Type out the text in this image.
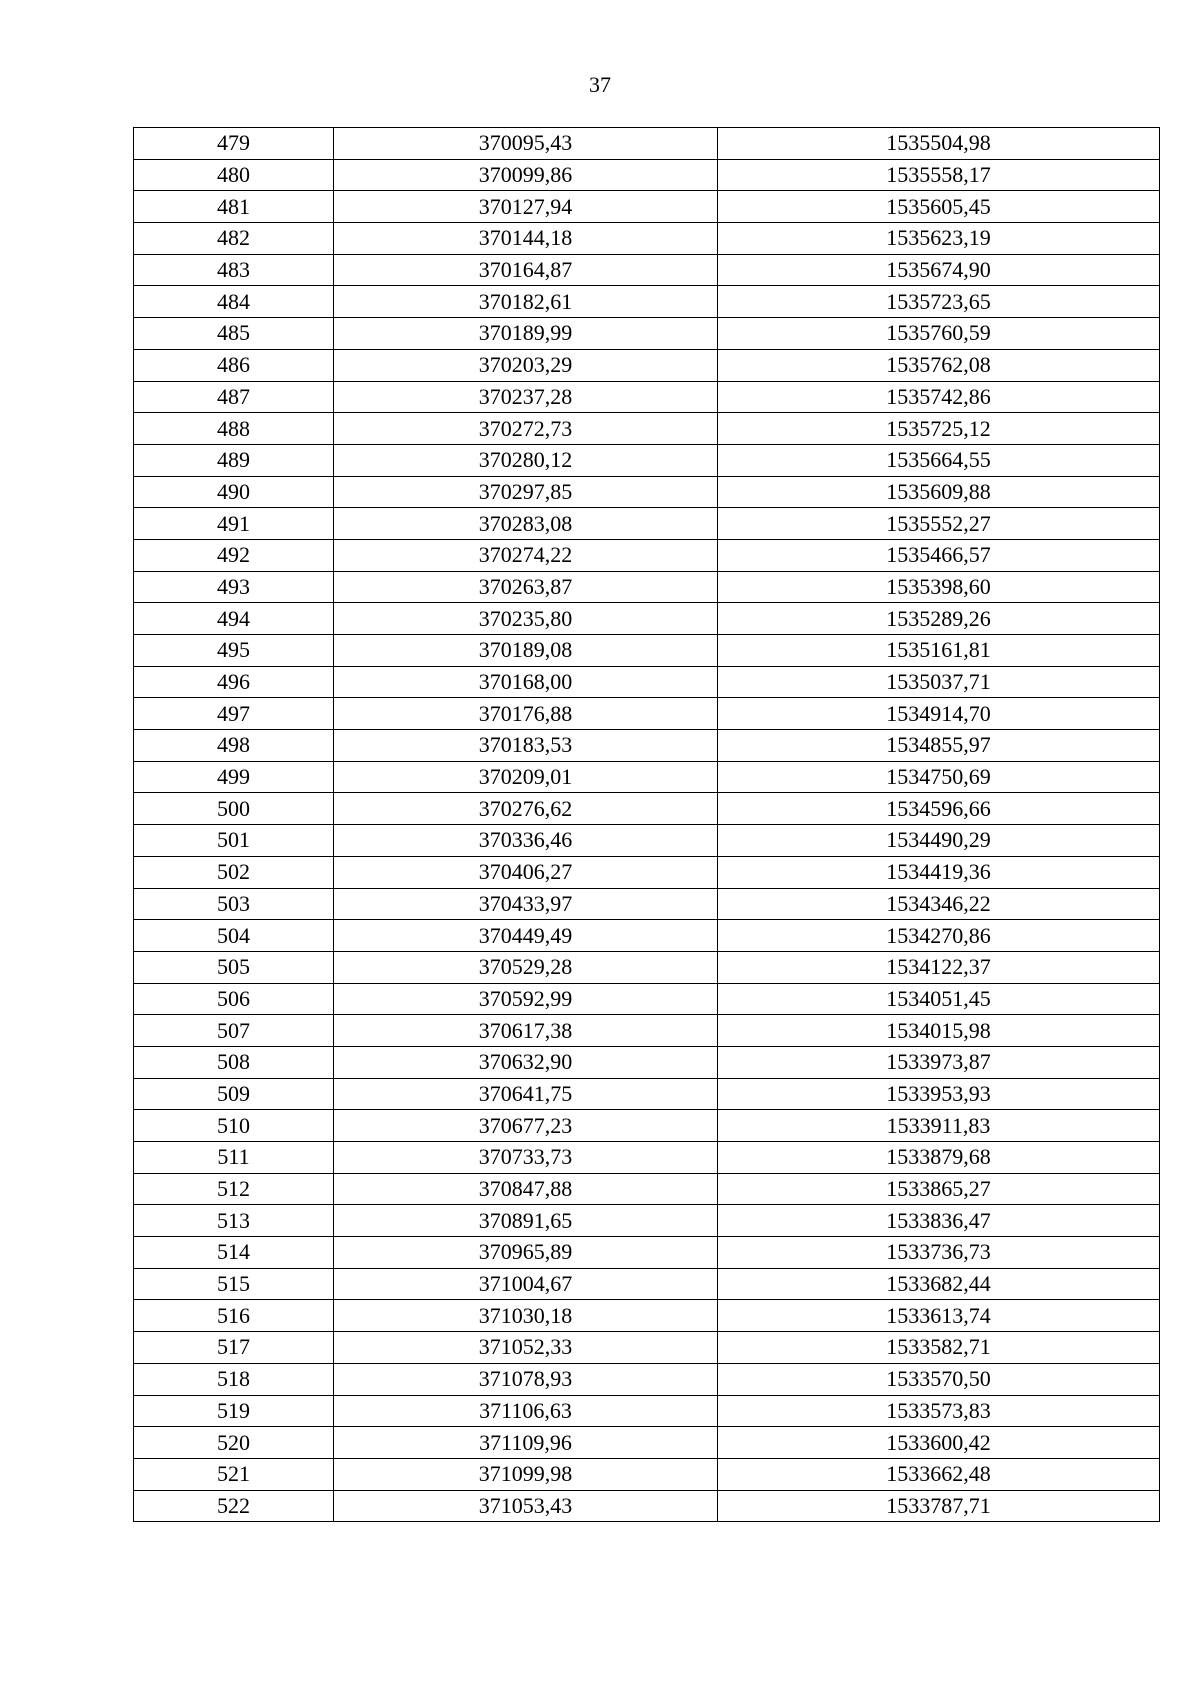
37
479	370095,43	1535504,98
480	370099,86	1535558,17
481	370127,94	1535605,45
482	370144,18	1535623,19
483	370164,87	1535674,90
484	370182,61	1535723,65
485	370189,99	1535760,59
486	370203,29	1535762,08
487	370237,28	1535742,86
488	370272,73	1535725,12
489	370280,12	1535664,55
490	370297,85	1535609,88
491	370283,08	1535552,27
492	370274,22	1535466,57
493	370263,87	1535398,60
494	370235,80	1535289,26
495	370189,08	1535161,81
496	370168,00	1535037,71
497	370176,88	1534914,70
498	370183,53	1534855,97
499	370209,01	1534750,69
500	370276,62	1534596,66
501	370336,46	1534490,29
502	370406,27	1534419,36
503	370433,97	1534346,22
504	370449,49	1534270,86
505	370529,28	1534122,37
506	370592,99	1534051,45
507	370617,38	1534015,98
508	370632,90	1533973,87
509	370641,75	1533953,93
510	370677,23	1533911,83
511	370733,73	1533879,68
512	370847,88	1533865,27
513	370891,65	1533836,47
514	370965,89	1533736,73
515	371004,67	1533682,44
516	371030,18	1533613,74
517	371052,33	1533582,71
518	371078,93	1533570,50
519	371106,63	1533573,83
520	371109,96	1533600,42
521	371099,98	1533662,48
522	371053,43	1533787,71
